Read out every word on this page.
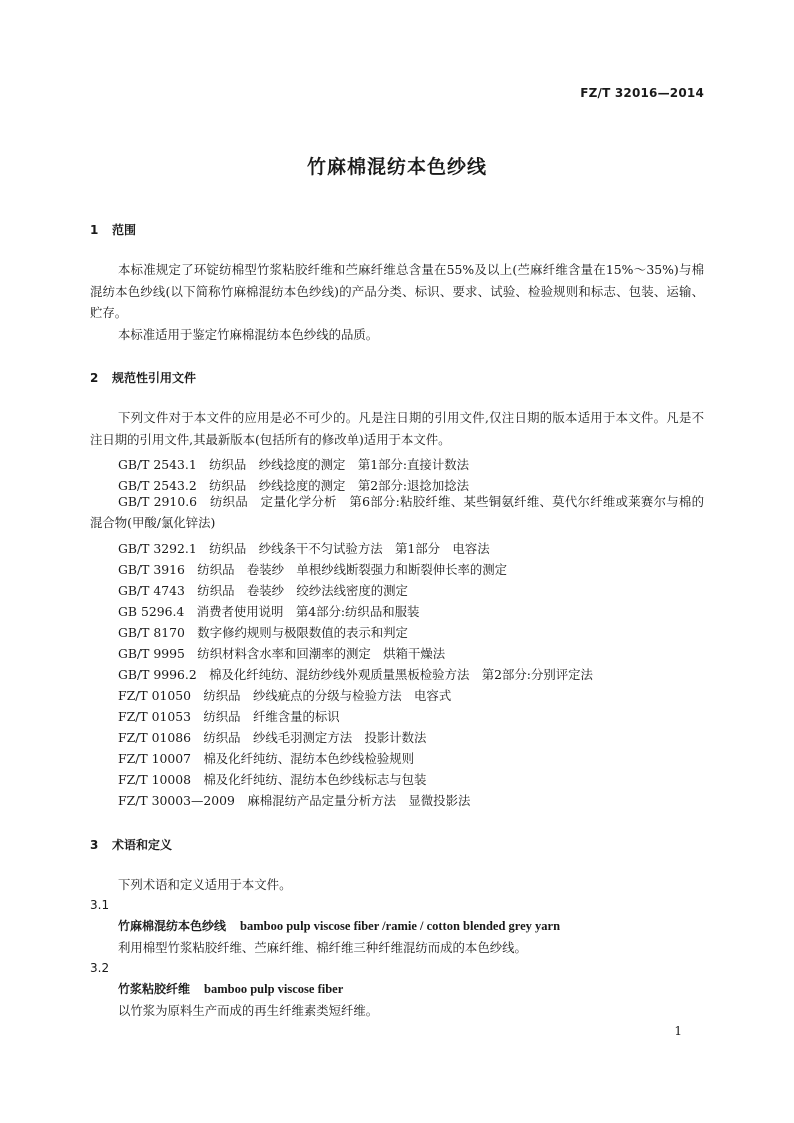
FZ/T 32016—2014
竹麻棉混纺本色纱线
1 范围
本标准规定了环锭纺棉型竹浆粘胶纤维和苎麻纤维总含量在55%及以上(苎麻纤维含量在15%～35%)与棉混纺本色纱线(以下简称竹麻棉混纺本色纱线)的产品分类、标识、要求、试验、检验规则和标志、包装、运输、贮存。
本标准适用于鉴定竹麻棉混纺本色纱线的品质。
2 规范性引用文件
下列文件对于本文件的应用是必不可少的。凡是注日期的引用文件,仅注日期的版本适用于本文件。凡是不注日期的引用文件,其最新版本(包括所有的修改单)适用于本文件。
GB/T 2543.1　纺织品　纱线捻度的测定　第1部分:直接计数法
GB/T 2543.2　纺织品　纱线捻度的测定　第2部分:退捻加捻法
GB/T 2910.6　纺织品　定量化学分析　第6部分:粘胶纤维、某些铜氨纤维、莫代尔纤维或莱赛尔与棉的混合物(甲酸/氯化锌法)
GB/T 3292.1　纺织品　纱线条干不匀试验方法　第1部分　电容法
GB/T 3916　纺织品　卷装纱　单根纱线断裂强力和断裂伸长率的测定
GB/T 4743　纺织品　卷装纱　绞纱法线密度的测定
GB 5296.4　消费者使用说明　第4部分:纺织品和服装
GB/T 8170　数字修约规则与极限数值的表示和判定
GB/T 9995　纺织材料含水率和回潮率的测定　烘箱干燥法
GB/T 9996.2　棉及化纤纯纺、混纺纱线外观质量黑板检验方法　第2部分:分别评定法
FZ/T 01050　纺织品　纱线疵点的分级与检验方法　电容式
FZ/T 01053　纺织品　纤维含量的标识
FZ/T 01086　纺织品　纱线毛羽测定方法　投影计数法
FZ/T 10007　棉及化纤纯纺、混纺本色纱线检验规则
FZ/T 10008　棉及化纤纯纺、混纺本色纱线标志与包装
FZ/T 30003—2009　麻棉混纺产品定量分析方法　显微投影法
3 术语和定义
下列术语和定义适用于本文件。
3.1
竹麻棉混纺本色纱线 bamboo pulp viscose fiber /ramie / cotton blended grey yarn
利用棉型竹浆粘胶纤维、苎麻纤维、棉纤维三种纤维混纺而成的本色纱线。
3.2
竹浆粘胶纤维 bamboo pulp viscose fiber
以竹浆为原料生产而成的再生纤维素类短纤维。
1
